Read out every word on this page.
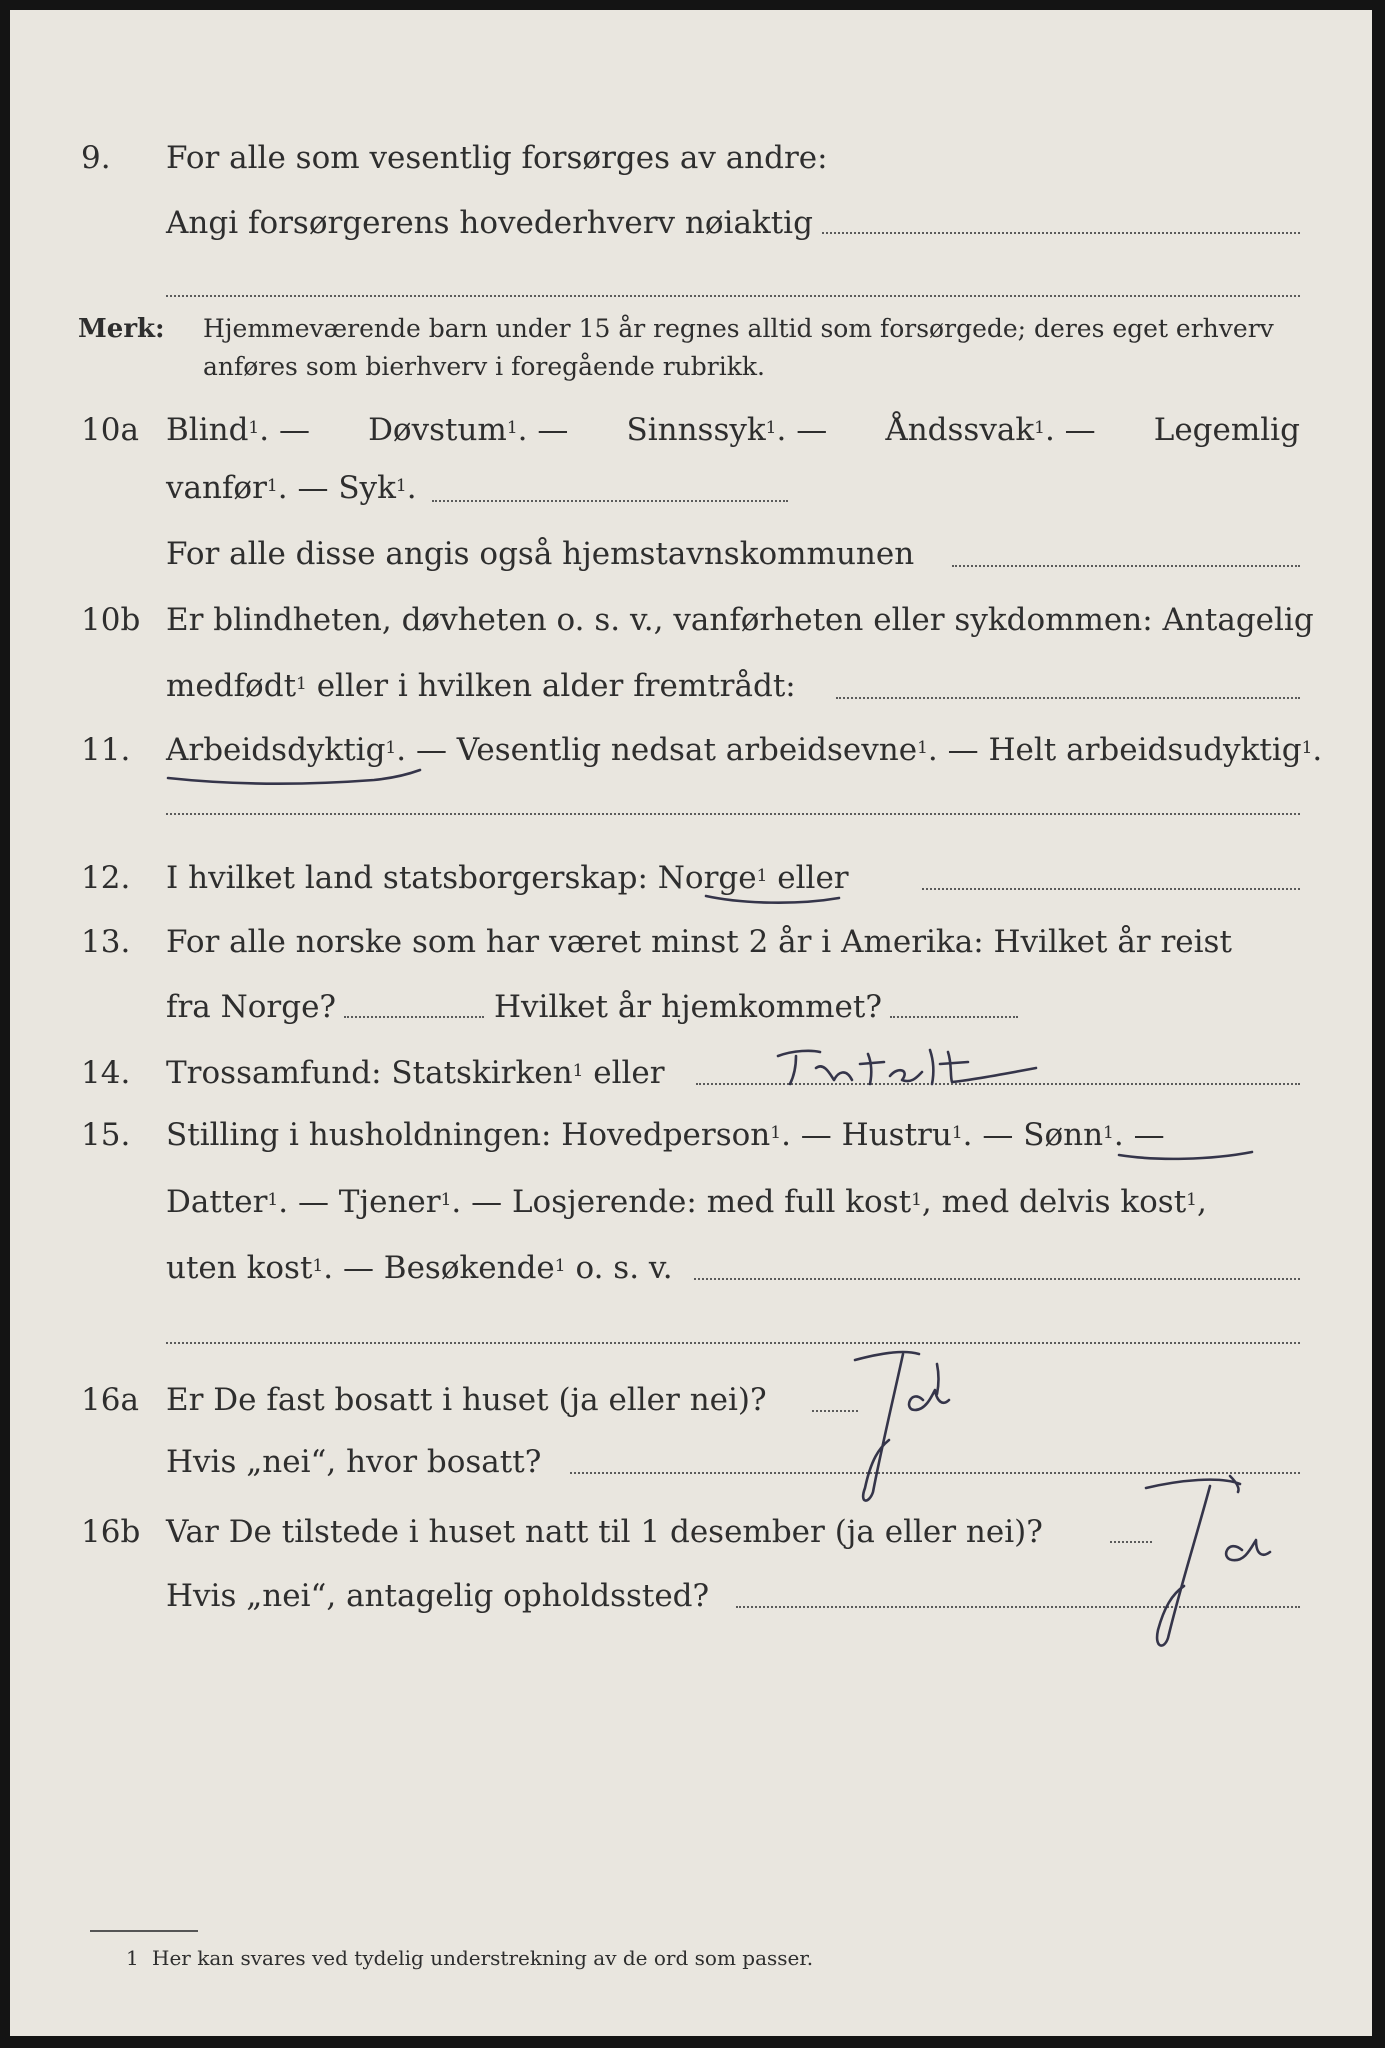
9. For alle som vesentlig forsørges av andre:
Angi forsørgerens hovederhverv nøiaktig
Merk: Hjemmeværende barn under 15 år regnes alltid som forsørgede; deres eget erhverv
anføres som bierhverv i foregående rubrikk.
10a Blind$^1$. — Døvstum$^1$. — Sinnssyk$^1$. — Åndssvak$^1$. — Legemlig
vanfør$^1$. — Syk$^1$.
For alle disse angis også hjemstavnskommunen
10b Er blindheten, døvheten o. s. v., vanførheten eller sykdommen: Antagelig
medfødt$^1$ eller i hvilken alder fremtrådt:
11. Arbeidsdyktig$^1$. — Vesentlig nedsat arbeidsevne$^1$. — Helt arbeidsudyktig$^1$.
12. I hvilket land statsborgerskap: Norge$^1$ eller
13. For alle norske som har været minst 2 år i Amerika: Hvilket år reist
fra Norge?	Hvilket år hjemkommet?
14. Trossamfund: Statskirken$^1$ eller
15. Stilling i husholdningen: Hovedperson$^1$. — Hustru$^1$. — Sønn$^1$. —
Datter$^1$. — Tjener$^1$. — Losjerende: med full kost$^1$, med delvis kost$^1$,
uten kost$^1$. — Besøkende$^1$ o. s. v.
16a Er De fast bosatt i huset (ja eller nei)?
Hvis „nei“, hvor bosatt?
16b Var De tilstede i huset natt til 1 desember (ja eller nei)?
Hvis „nei“, antagelig opholdssted?
1 Her kan svares ved tydelig understrekning av de ord som passer.
